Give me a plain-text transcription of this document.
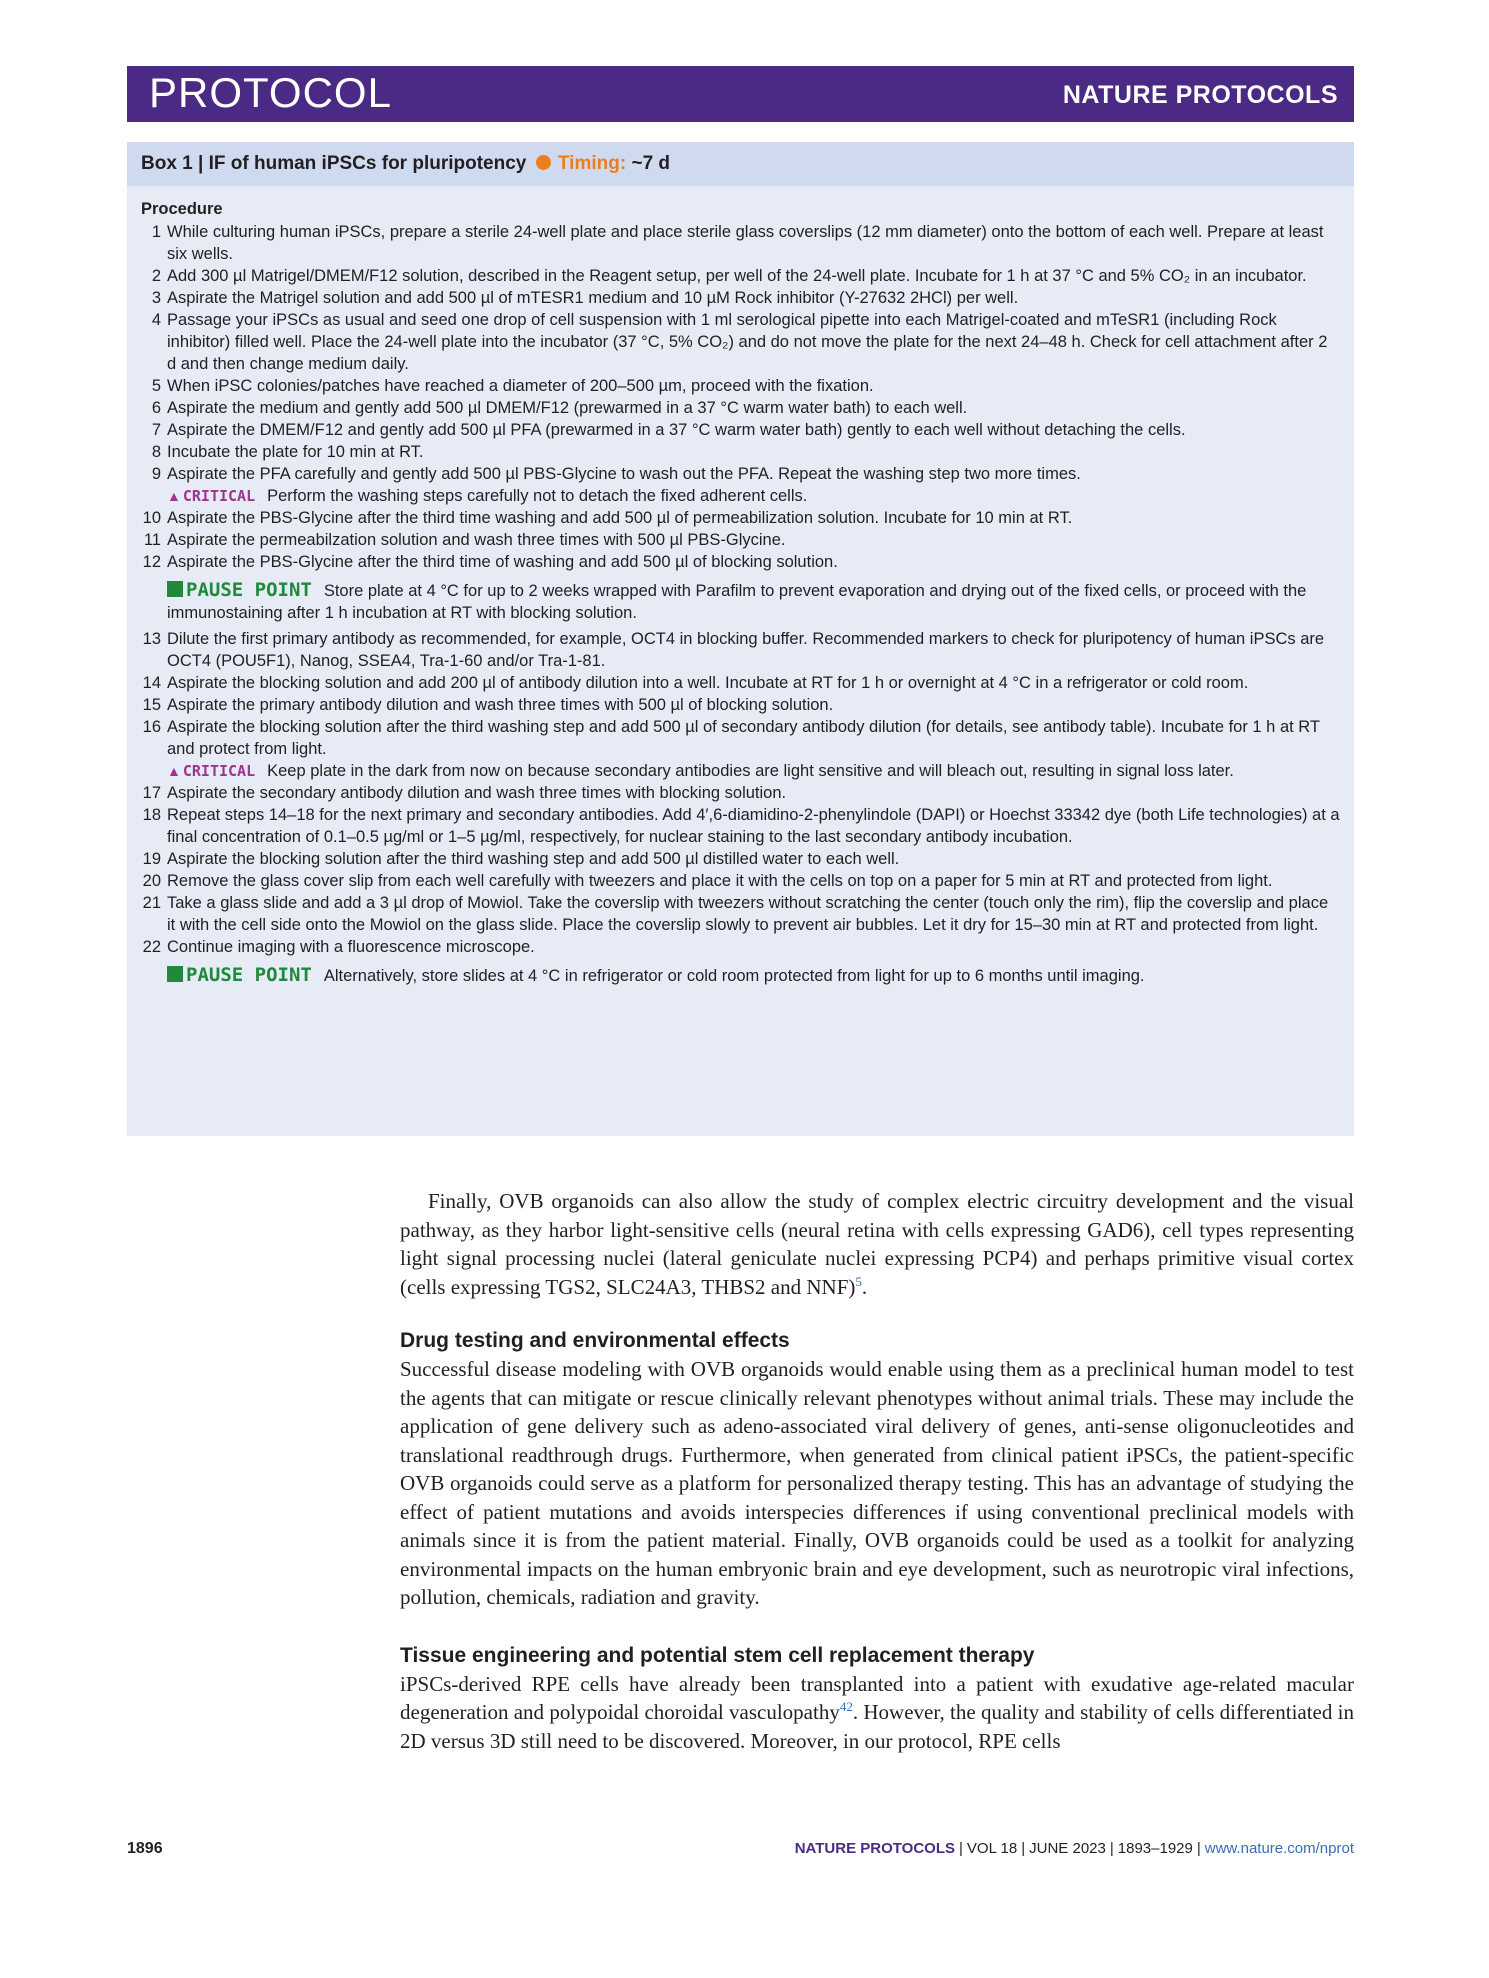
PROTOCOL	NATURE PROTOCOLS
Box 1 | IF of human iPSCs for pluripotency Timing: ~7 d
Procedure
1 While culturing human iPSCs, prepare a sterile 24-well plate and place sterile glass coverslips (12 mm diameter) onto the bottom of each well. Prepare at least six wells.
2 Add 300 µl Matrigel/DMEM/F12 solution, described in the Reagent setup, per well of the 24-well plate. Incubate for 1 h at 37 °C and 5% CO₂ in an incubator.
3 Aspirate the Matrigel solution and add 500 µl of mTESR1 medium and 10 µM Rock inhibitor (Y-27632 2HCl) per well.
4 Passage your iPSCs as usual and seed one drop of cell suspension with 1 ml serological pipette into each Matrigel-coated and mTeSR1 (including Rock inhibitor) filled well. Place the 24-well plate into the incubator (37 °C, 5% CO₂) and do not move the plate for the next 24–48 h. Check for cell attachment after 2 d and then change medium daily.
5 When iPSC colonies/patches have reached a diameter of 200–500 µm, proceed with the fixation.
6 Aspirate the medium and gently add 500 µl DMEM/F12 (prewarmed in a 37 °C warm water bath) to each well.
7 Aspirate the DMEM/F12 and gently add 500 µl PFA (prewarmed in a 37 °C warm water bath) gently to each well without detaching the cells.
8 Incubate the plate for 10 min at RT.
9 Aspirate the PFA carefully and gently add 500 µl PBS-Glycine to wash out the PFA. Repeat the washing step two more times.
▲ CRITICAL Perform the washing steps carefully not to detach the fixed adherent cells.
10 Aspirate the PBS-Glycine after the third time washing and add 500 µl of permeabilization solution. Incubate for 10 min at RT.
11 Aspirate the permeabilzation solution and wash three times with 500 µl PBS-Glycine.
12 Aspirate the PBS-Glycine after the third time of washing and add 500 µl of blocking solution.
PAUSE POINT Store plate at 4 °C for up to 2 weeks wrapped with Parafilm to prevent evaporation and drying out of the fixed cells, or proceed with the immunostaining after 1 h incubation at RT with blocking solution.
13 Dilute the first primary antibody as recommended, for example, OCT4 in blocking buffer. Recommended markers to check for pluripotency of human iPSCs are OCT4 (POU5F1), Nanog, SSEA4, Tra-1-60 and/or Tra-1-81.
14 Aspirate the blocking solution and add 200 µl of antibody dilution into a well. Incubate at RT for 1 h or overnight at 4 °C in a refrigerator or cold room.
15 Aspirate the primary antibody dilution and wash three times with 500 µl of blocking solution.
16 Aspirate the blocking solution after the third washing step and add 500 µl of secondary antibody dilution (for details, see antibody table). Incubate for 1 h at RT and protect from light.
▲ CRITICAL Keep plate in the dark from now on because secondary antibodies are light sensitive and will bleach out, resulting in signal loss later.
17 Aspirate the secondary antibody dilution and wash three times with blocking solution.
18 Repeat steps 14–18 for the next primary and secondary antibodies. Add 4′,6-diamidino-2-phenylindole (DAPI) or Hoechst 33342 dye (both Life technologies) at a final concentration of 0.1–0.5 µg/ml or 1–5 µg/ml, respectively, for nuclear staining to the last secondary antibody incubation.
19 Aspirate the blocking solution after the third washing step and add 500 µl distilled water to each well.
20 Remove the glass cover slip from each well carefully with tweezers and place it with the cells on top on a paper for 5 min at RT and protected from light.
21 Take a glass slide and add a 3 µl drop of Mowiol. Take the coverslip with tweezers without scratching the center (touch only the rim), flip the coverslip and place it with the cell side onto the Mowiol on the glass slide. Place the coverslip slowly to prevent air bubbles. Let it dry for 15–30 min at RT and protected from light.
22 Continue imaging with a fluorescence microscope.
PAUSE POINT Alternatively, store slides at 4 °C in refrigerator or cold room protected from light for up to 6 months until imaging.

Finally, OVB organoids can also allow the study of complex electric circuitry development and the visual pathway, as they harbor light-sensitive cells (neural retina with cells expressing GAD6), cell types representing light signal processing nuclei (lateral geniculate nuclei expressing PCP4) and perhaps primitive visual cortex (cells expressing TGS2, SLC24A3, THBS2 and NNF)$^5$.

Drug testing and environmental effects

Successful disease modeling with OVB organoids would enable using them as a preclinical human model to test the agents that can mitigate or rescue clinically relevant phenotypes without animal trials. These may include the application of gene delivery such as adeno-associated viral delivery of genes, anti-sense oligonucleotides and translational readthrough drugs. Furthermore, when generated from clinical patient iPSCs, the patient-specific OVB organoids could serve as a platform for personalized therapy testing. This has an advantage of studying the effect of patient mutations and avoids interspecies differences if using conventional preclinical models with animals since it is from the patient material. Finally, OVB organoids could be used as a toolkit for analyzing environmental impacts on the human embryonic brain and eye development, such as neurotropic viral infections, pollution, chemicals, radiation and gravity.

Tissue engineering and potential stem cell replacement therapy

iPSCs-derived RPE cells have already been transplanted into a patient with exudative age-related macular degeneration and polypoidal choroidal vasculopathy$^{42}$. However, the quality and stability of cells differentiated in 2D versus 3D still need to be discovered. Moreover, in our protocol, RPE cells

1896	NATURE PROTOCOLS | VOL 18 | JUNE 2023 | 1893–1929 | www.nature.com/nprot
